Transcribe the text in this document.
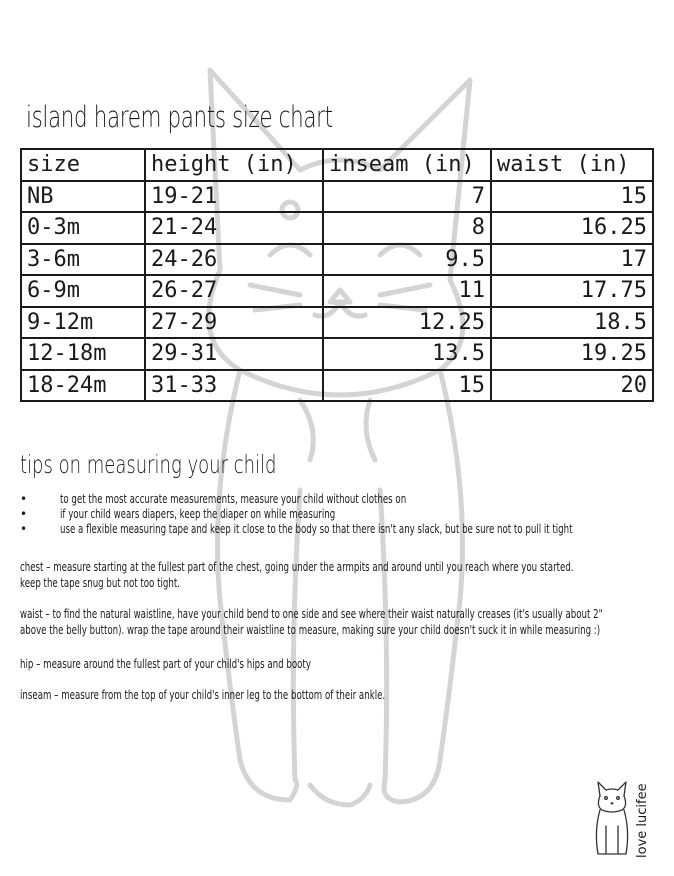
island harem pants size chart
size	height (in)	inseam (in)	waist (in)
NB	19-21	7	15
0-3m	21-24	8	16.25
3-6m	24-26	9.5	17
6-9m	26-27	11	17.75
9-12m	27-29	12.25	18.5
12-18m	29-31	13.5	19.25
18-24m	31-33	15	20
tips on measuring your child
•	to get the most accurate measurements, measure your child without clothes on
•	if your child wears diapers, keep the diaper on while measuring
•	use a flexible measuring tape and keep it close to the body so that there isn't any slack, but be sure not to pull it tight
chest – measure starting at the fullest part of the chest, going under the armpits and around until you reach where you started.
keep the tape snug but not too tight.
waist – to find the natural waistline, have your child bend to one side and see where their waist naturally creases (it's usually about 2"
above the belly button). wrap the tape around their waistline to measure, making sure your child doesn't suck it in while measuring :)
hip – measure around the fullest part of your child's hips and booty
inseam – measure from the top of your child's inner leg to the bottom of their ankle.
love lucifee
